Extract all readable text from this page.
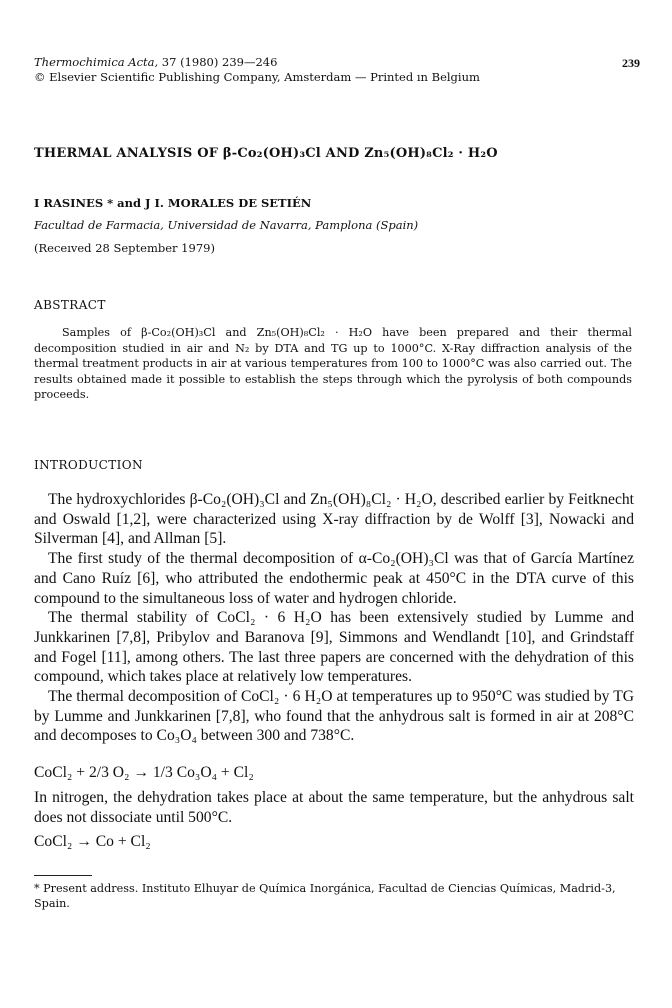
Thermochimica Acta, 37 (1980) 239—246
© Elsevier Scientific Publishing Company, Amsterdam — Printed ın Belgium
239
THERMAL ANALYSIS OF β-Co₂(OH)₃Cl AND Zn₅(OH)₈Cl₂ · H₂O
I RASINES * and J I. MORALES DE SETIÉN
Facultad de Farmacia, Universidad de Navarra, Pamplona (Spain)
(Receıved 28 September 1979)
ABSTRACT
Samples of β-Co₂(OH)₃Cl and Zn₅(OH)₈Cl₂ · H₂O have been prepared and their thermal decomposition studied in air and N₂ by DTA and TG up to 1000°C. X-Ray diffraction analysis of the thermal treatment products in air at various temperatures from 100 to 1000°C was also carried out. The results obtained made it possible to establish the steps through which the pyrolysis of both compounds proceeds.
INTRODUCTION

The hydroxychlorides β-Co₂(OH)₃Cl and Zn₅(OH)₈Cl₂ · H₂O, described earlier by Feitknecht and Oswald [1,2], were characterized using X-ray diffraction by de Wolff [3], Nowacki and Silverman [4], and Allman [5].

The first study of the thermal decomposition of α-Co₂(OH)₃Cl was that of García Martínez and Cano Ruíz [6], who attributed the endothermic peak at 450°C in the DTA curve of this compound to the simultaneous loss of water and hydrogen chloride.

The thermal stability of CoCl₂ · 6 H₂O has been extensively studied by Lumme and Junkkarinen [7,8], Pribylov and Baranova [9], Simmons and Wendlandt [10], and Grindstaff and Fogel [11], among others. The last three papers are concerned with the dehydration of this compound, which takes place at relatively low temperatures.

The thermal decomposition of CoCl₂ · 6 H₂O at temperatures up to 950°C was studied by TG by Lumme and Junkkarinen [7,8], who found that the anhydrous salt is formed in air at 208°C and decomposes to Co₃O₄ between 300 and 738°C.

CoCl₂ + 2/3 O₂ → 1/3 Co₃O₄ + Cl₂

In nitrogen, the dehydration takes place at about the same temperature, but the anhydrous salt does not dissociate until 500°C.

CoCl₂ → Co + Cl₂
* Present address. Instituto Elhuyar de Química Inorgánica, Facultad de Ciencias Químicas, Madrid-3, Spain.
